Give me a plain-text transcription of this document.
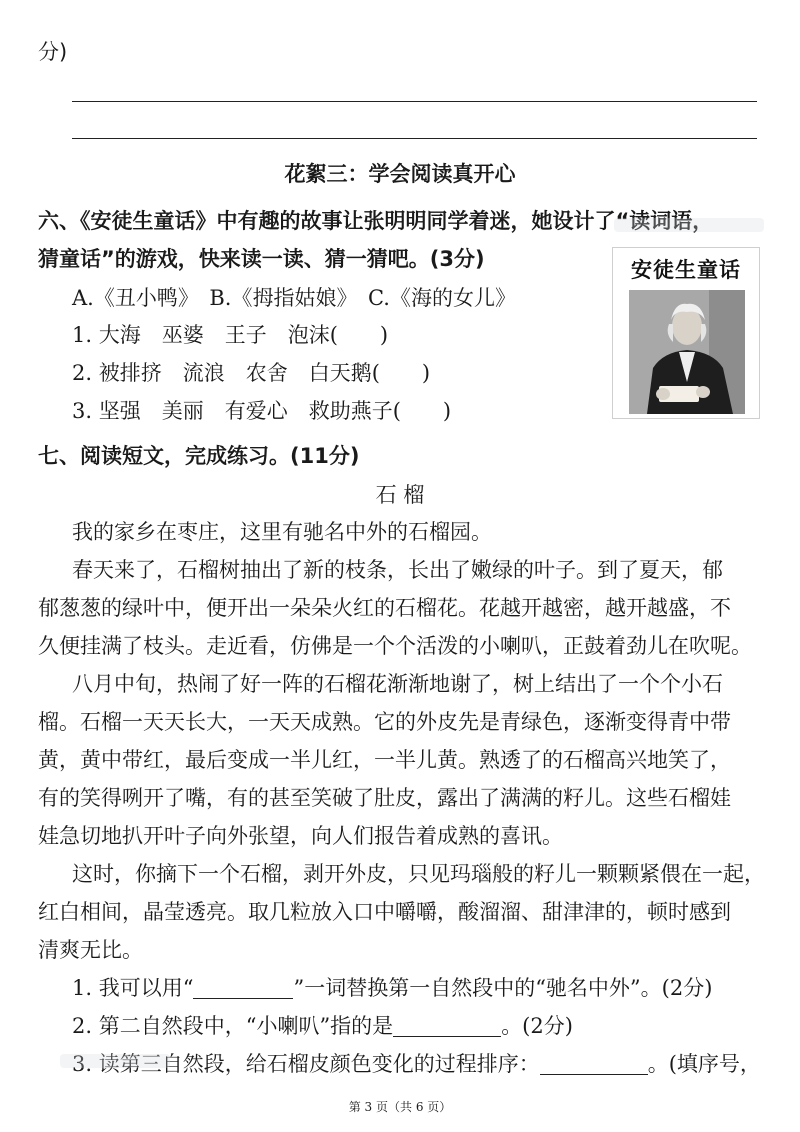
分)
花絮三：学会阅读真开心
六、《安徒生童话》中有趣的故事让张明明同学着迷，她设计了“读词语，
猜童话”的游戏，快来读一读、猜一猜吧。(3分)
A.《丑小鸭》　B.《拇指姑娘》　C.《海的女儿》
1. 大海　巫婆　王子　泡沫(　　)
2. 被排挤　流浪　农舍　白天鹅(　　)
3. 坚强　美丽　有爱心　救助燕子(　　)
安徒生童话
七、阅读短文，完成练习。(11分)
石 榴
我的家乡在枣庄，这里有驰名中外的石榴园。
春天来了，石榴树抽出了新的枝条，长出了嫩绿的叶子。到了夏天，郁
郁葱葱的绿叶中，便开出一朵朵火红的石榴花。花越开越密，越开越盛，不
久便挂满了枝头。走近看，仿佛是一个个活泼的小喇叭，正鼓着劲儿在吹呢。
八月中旬，热闹了好一阵的石榴花渐渐地谢了，树上结出了一个个小石
榴。石榴一天天长大，一天天成熟。它的外皮先是青绿色，逐渐变得青中带
黄，黄中带红，最后变成一半儿红，一半儿黄。熟透了的石榴高兴地笑了，
有的笑得咧开了嘴，有的甚至笑破了肚皮，露出了满满的籽儿。这些石榴娃
娃急切地扒开叶子向外张望，向人们报告着成熟的喜讯。
这时，你摘下一个石榴，剥开外皮，只见玛瑙般的籽儿一颗颗紧偎在一起，
红白相间，晶莹透亮。取几粒放入口中嚼嚼，酸溜溜、甜津津的，顿时感到
清爽无比。
1. 我可以用“	”一词替换第一自然段中的“驰名中外”。(2分)
2. 第二自然段中，“小喇叭”指的是	。(2分)
3. 读第三自然段，给石榴皮颜色变化的过程排序：	。(填序号，
第 3 页（共 6 页）
